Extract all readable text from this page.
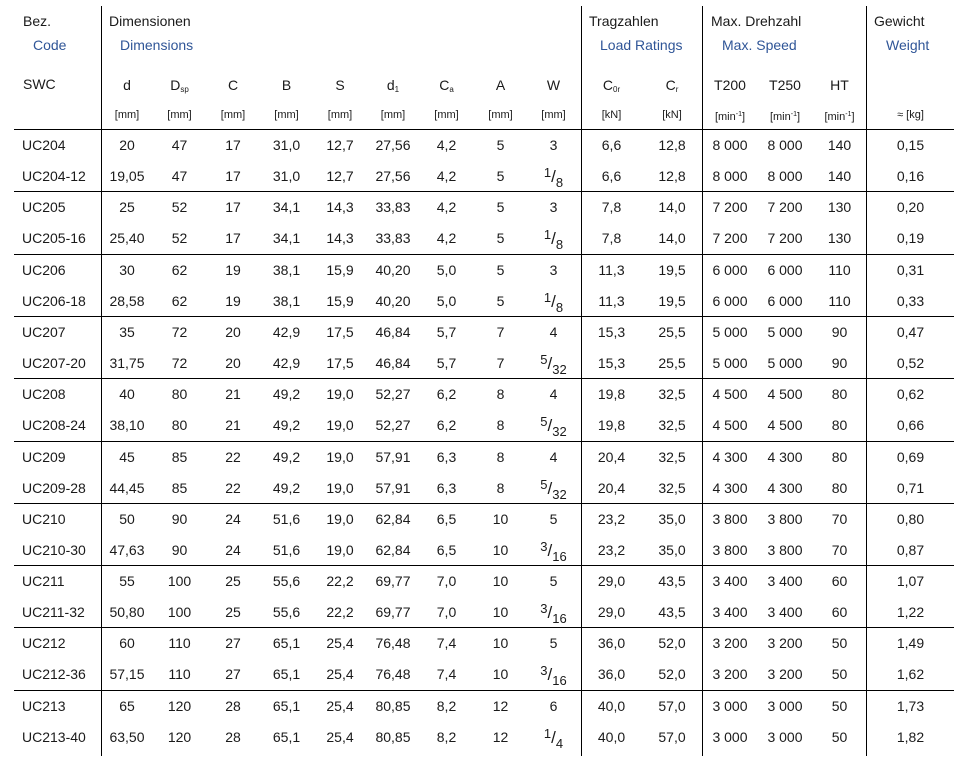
Bez.
Code
Dimensionen
Dimensions
Tragzahlen
Load Ratings
Max. Drehzahl
Max. Speed
Gewicht
Weight
SWC	d	$D_{sp}$	C	B	S	$d_1$	$C_a$	A	W	$C_{0r}$	$C_r$	T200	T250	HT
[mm]	[mm]	[mm]	[mm]	[mm]	[mm]	[mm]	[mm]	[mm]	[kN]	[kN]	$[\min^{-1}]$	$[\min^{-1}]$	$[\min^{-1}]$	≈ [kg]
UC204	20	47	17	31,0	12,7	27,56	4,2	5	3	6,6	12,8	8 000	8 000	140	0,15
UC204-12	19,05	47	17	31,0	12,7	27,56	4,2	5	1/8	6,6	12,8	8 000	8 000	140	0,16
UC205	25	52	17	34,1	14,3	33,83	4,2	5	3	7,8	14,0	7 200	7 200	130	0,20
UC205-16	25,40	52	17	34,1	14,3	33,83	4,2	5	1/8	7,8	14,0	7 200	7 200	130	0,19
UC206	30	62	19	38,1	15,9	40,20	5,0	5	3	11,3	19,5	6 000	6 000	110	0,31
UC206-18	28,58	62	19	38,1	15,9	40,20	5,0	5	1/8	11,3	19,5	6 000	6 000	110	0,33
UC207	35	72	20	42,9	17,5	46,84	5,7	7	4	15,3	25,5	5 000	5 000	90	0,47
UC207-20	31,75	72	20	42,9	17,5	46,84	5,7	7	5/32	15,3	25,5	5 000	5 000	90	0,52
UC208	40	80	21	49,2	19,0	52,27	6,2	8	4	19,8	32,5	4 500	4 500	80	0,62
UC208-24	38,10	80	21	49,2	19,0	52,27	6,2	8	5/32	19,8	32,5	4 500	4 500	80	0,66
UC209	45	85	22	49,2	19,0	57,91	6,3	8	4	20,4	32,5	4 300	4 300	80	0,69
UC209-28	44,45	85	22	49,2	19,0	57,91	6,3	8	5/32	20,4	32,5	4 300	4 300	80	0,71
UC210	50	90	24	51,6	19,0	62,84	6,5	10	5	23,2	35,0	3 800	3 800	70	0,80
UC210-30	47,63	90	24	51,6	19,0	62,84	6,5	10	3/16	23,2	35,0	3 800	3 800	70	0,87
UC211	55	100	25	55,6	22,2	69,77	7,0	10	5	29,0	43,5	3 400	3 400	60	1,07
UC211-32	50,80	100	25	55,6	22,2	69,77	7,0	10	3/16	29,0	43,5	3 400	3 400	60	1,22
UC212	60	110	27	65,1	25,4	76,48	7,4	10	5	36,0	52,0	3 200	3 200	50	1,49
UC212-36	57,15	110	27	65,1	25,4	76,48	7,4	10	3/16	36,0	52,0	3 200	3 200	50	1,62
UC213	65	120	28	65,1	25,4	80,85	8,2	12	6	40,0	57,0	3 000	3 000	50	1,73
UC213-40	63,50	120	28	65,1	25,4	80,85	8,2	12	1/4	40,0	57,0	3 000	3 000	50	1,82
